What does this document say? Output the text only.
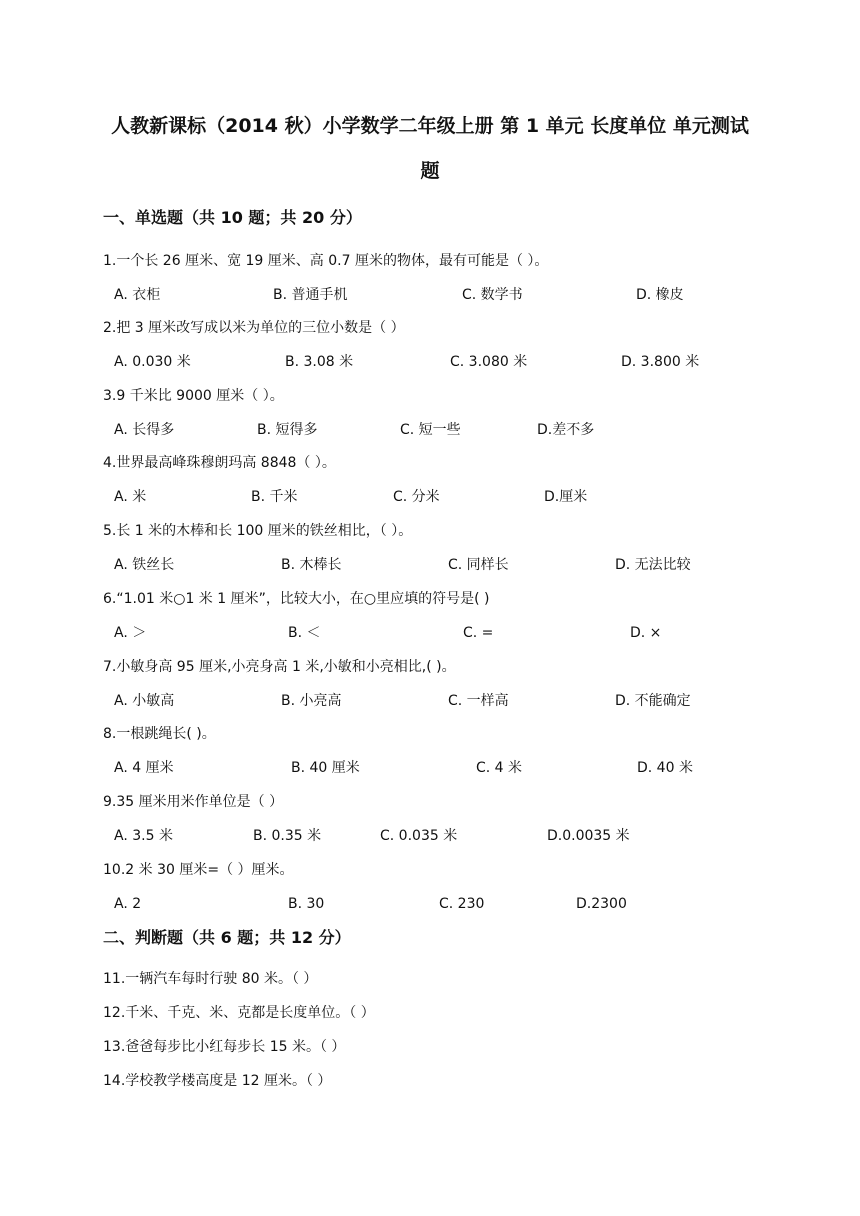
人教新课标（2014 秋）小学数学二年级上册 第 1 单元 长度单位 单元测试
题
一、单选题（共 10 题；共 20 分）
1.一个长 26 厘米、宽 19 厘米、高 0.7 厘米的物体，最有可能是（ ）。
A. 衣柜	B. 普通手机	C. 数学书	D. 橡皮
2.把 3 厘米改写成以米为单位的三位小数是（ ）
A. 0.030 米	B. 3.08 米	C. 3.080 米	D. 3.800 米
3.9 千米比 9000 厘米（ ）。
A. 长得多	B. 短得多	C. 短一些	D.差不多
4.世界最高峰珠穆朗玛高 8848（ ）。
A. 米	B. 千米	C. 分米	D.厘米
5.长 1 米的木棒和长 100 厘米的铁丝相比，（ ）。
A. 铁丝长	B. 木棒长	C. 同样长	D. 无法比较
6.“1.01 米○1 米 1 厘米”，比较大小，在○里应填的符号是( )
A. ＞	B. ＜	C. =	D. ×
7.小敏身高 95 厘米,小亮身高 1 米,小敏和小亮相比,( )。
A. 小敏高	B. 小亮高	C. 一样高	D. 不能确定
8.一根跳绳长( )。
A. 4 厘米	B. 40 厘米	C. 4 米	D. 40 米
9.35 厘米用米作单位是（ ）
A. 3.5 米	B. 0.35 米	C. 0.035 米	D.0.0035 米
10.2 米 30 厘米=（ ）厘米。
A. 2	B. 30	C. 230	D.2300
二、判断题（共 6 题；共 12 分）
11.一辆汽车每时行驶 80 米。（ ）
12.千米、千克、米、克都是长度单位。（ ）
13.爸爸每步比小红每步长 15 米。（ ）
14.学校教学楼高度是 12 厘米。（ ）
